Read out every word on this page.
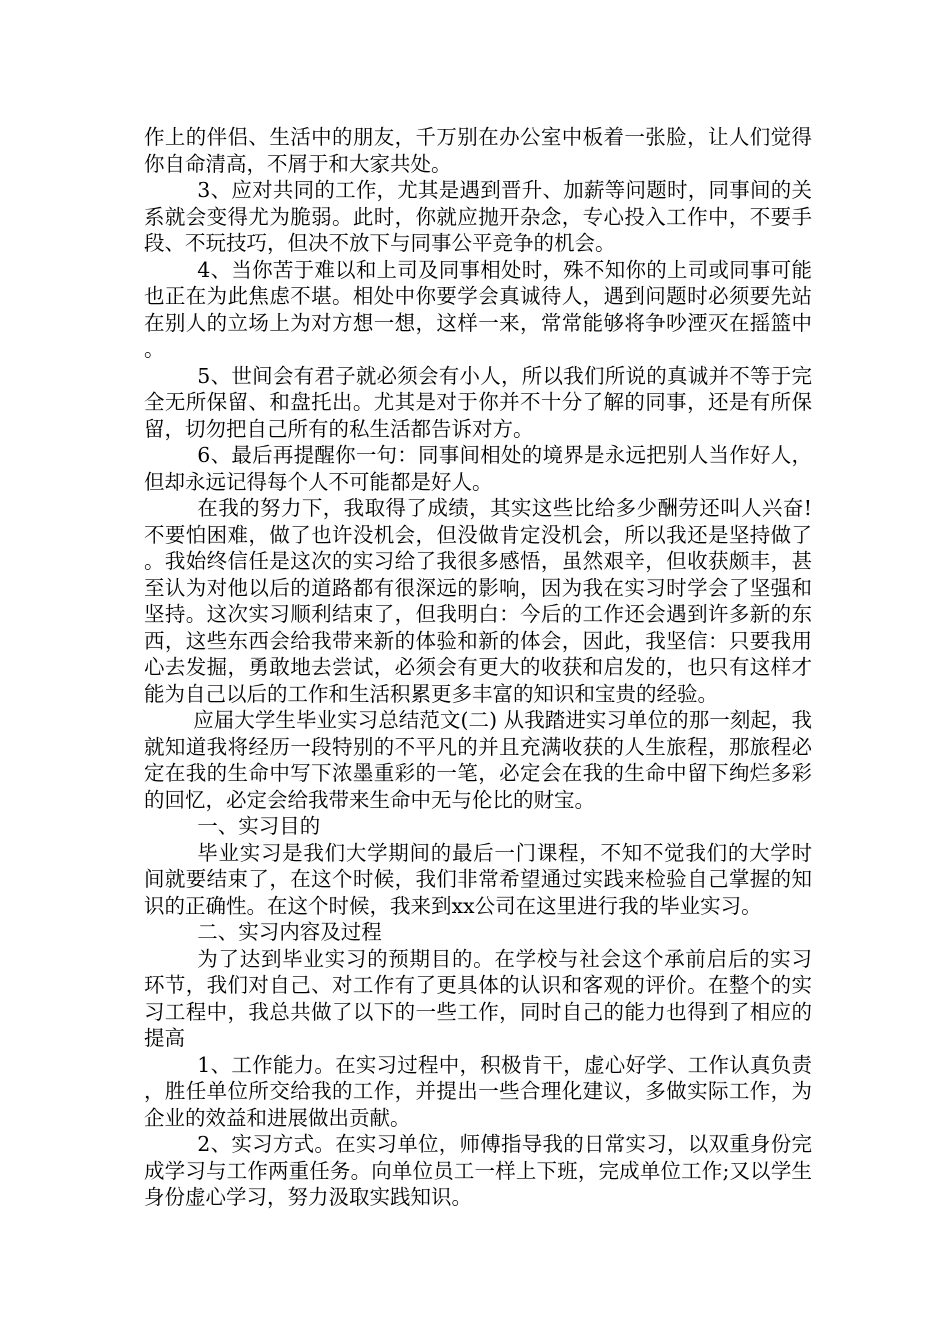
作上的伴侣、生活中的朋友，千万别在办公室中板着一张脸，让人们觉得你自命清高，不屑于和大家共处。

3、应对共同的工作，尤其是遇到晋升、加薪等问题时，同事间的关系就会变得尤为脆弱。此时，你就应抛开杂念，专心投入工作中，不要手段、不玩技巧，但决不放下与同事公平竞争的机会。

4、当你苦于难以和上司及同事相处时，殊不知你的上司或同事可能也正在为此焦虑不堪。相处中你要学会真诚待人，遇到问题时必须要先站在别人的立场上为对方想一想，这样一来，常常能够将争吵湮灭在摇篮中。

5、世间会有君子就必须会有小人，所以我们所说的真诚并不等于完全无所保留、和盘托出。尤其是对于你并不十分了解的同事，还是有所保留，切勿把自己所有的私生活都告诉对方。

6、最后再提醒你一句：同事间相处的境界是永远把别人当作好人，但却永远记得每个人不可能都是好人。

在我的努力下，我取得了成绩，其实这些比给多少酬劳还叫人兴奋!不要怕困难，做了也许没机会，但没做肯定没机会，所以我还是坚持做了。我始终信任是这次的实习给了我很多感悟，虽然艰辛，但收获颇丰，甚至认为对他以后的道路都有很深远的影响，因为我在实习时学会了坚强和坚持。这次实习顺利结束了，但我明白：今后的工作还会遇到许多新的东西，这些东西会给我带来新的体验和新的体会，因此，我坚信：只要我用心去发掘，勇敢地去尝试，必须会有更大的收获和启发的，也只有这样才能为自己以后的工作和生活积累更多丰富的知识和宝贵的经验。

应届大学生毕业实习总结范文(二) 从我踏进实习单位的那一刻起，我就知道我将经历一段特别的不平凡的并且充满收获的人生旅程，那旅程必定在我的生命中写下浓墨重彩的一笔，必定会在我的生命中留下绚烂多彩的回忆，必定会给我带来生命中无与伦比的财宝。

一、实习目的

毕业实习是我们大学期间的最后一门课程，不知不觉我们的大学时间就要结束了，在这个时候，我们非常希望通过实践来检验自己掌握的知识的正确性。在这个时候，我来到xx公司在这里进行我的毕业实习。

二、实习内容及过程

为了达到毕业实习的预期目的。在学校与社会这个承前启后的实习环节，我们对自己、对工作有了更具体的认识和客观的评价。在整个的实习工程中，我总共做了以下的一些工作，同时自己的能力也得到了相应的提高

1、工作能力。在实习过程中，积极肯干，虚心好学、工作认真负责，胜任单位所交给我的工作，并提出一些合理化建议，多做实际工作，为企业的效益和进展做出贡献。

2、实习方式。在实习单位，师傅指导我的日常实习，以双重身份完成学习与工作两重任务。向单位员工一样上下班，完成单位工作;又以学生身份虚心学习，努力汲取实践知识。
